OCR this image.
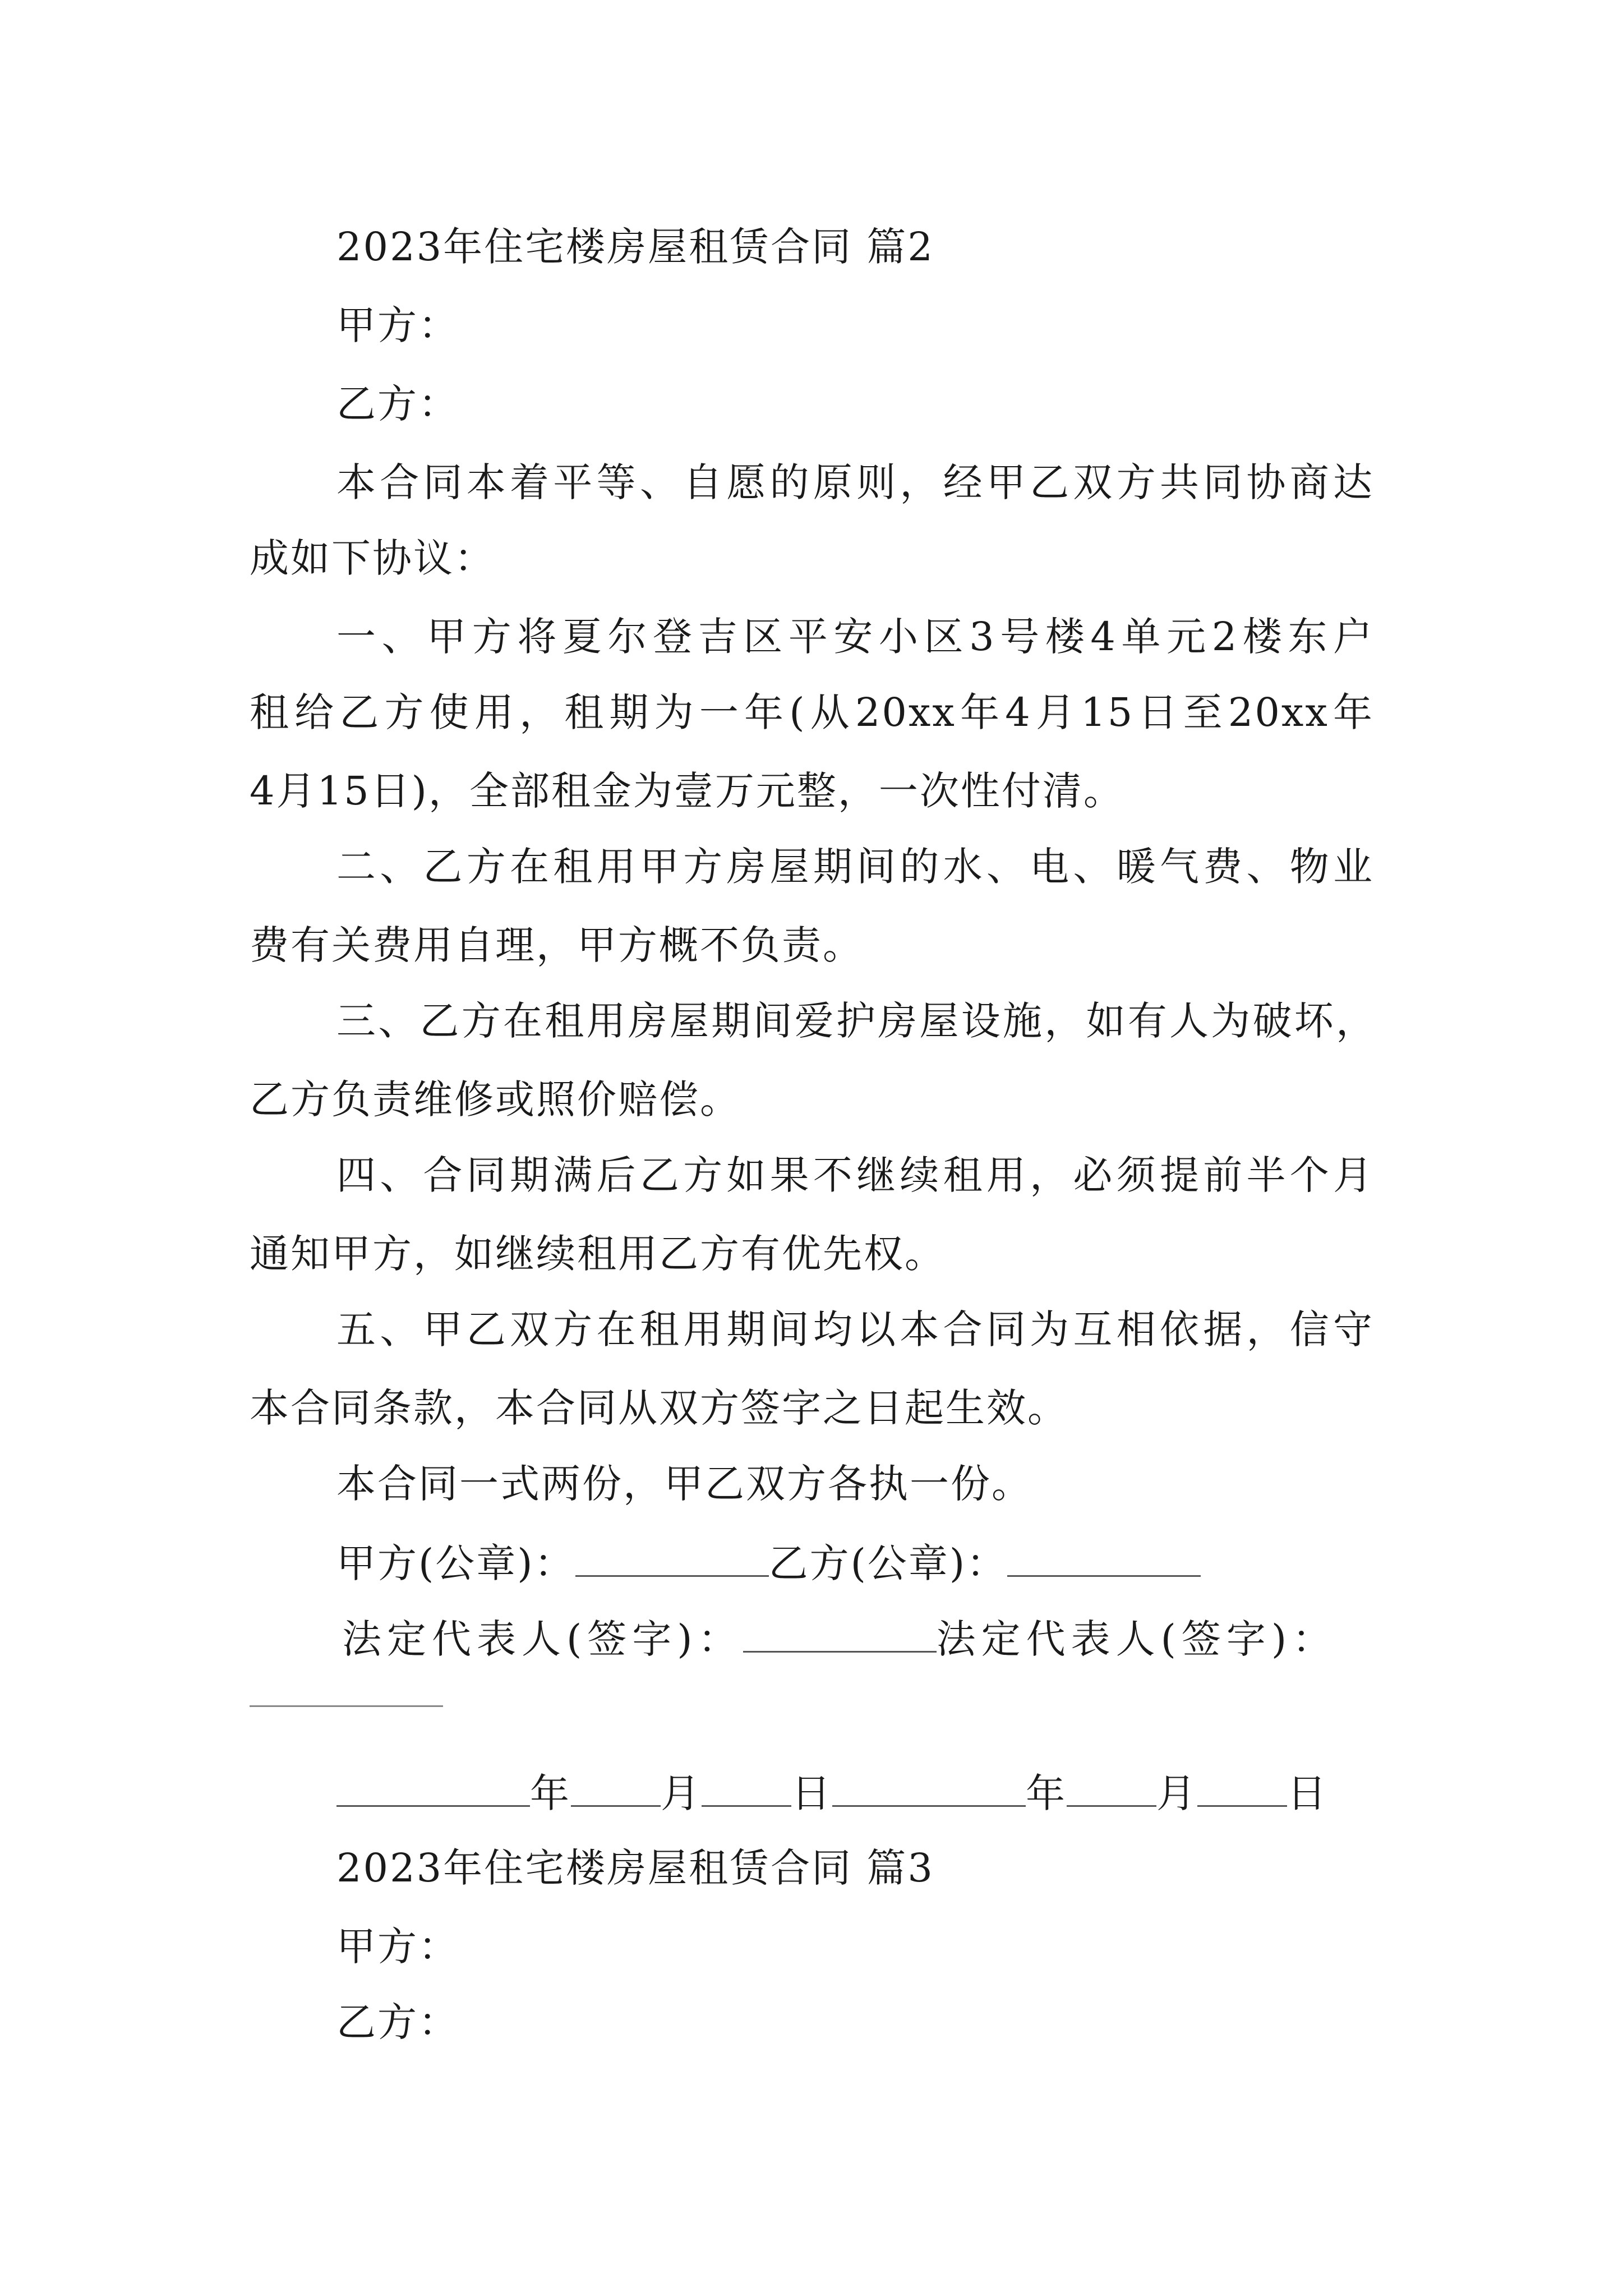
2023年住宅楼房屋租赁合同 篇2
甲方：
乙方：
本合同本着平等、自愿的原则，经甲乙双方共同协商达
成如下协议：
一、甲方将夏尔登吉区平安小区3号楼4单元2楼东户
租给乙方使用，租期为一年(从20xx年4月15日至20xx年
4月15日)，全部租金为壹万元整，一次性付清。
二、乙方在租用甲方房屋期间的水、电、暖气费、物业
费有关费用自理，甲方概不负责。
三、乙方在租用房屋期间爱护房屋设施，如有人为破坏，
乙方负责维修或照价赔偿。
四、合同期满后乙方如果不继续租用，必须提前半个月
通知甲方，如继续租用乙方有优先权。
五、甲乙双方在租用期间均以本合同为互相依据，信守
本合同条款，本合同从双方签字之日起生效。
本合同一式两份，甲乙双方各执一份。
甲方(公章)：	乙方(公章)：
法定代表人(签字)：	法定代表人(签字)：
年 月 日	年 月 日
2023年住宅楼房屋租赁合同 篇3
甲方：
乙方：
